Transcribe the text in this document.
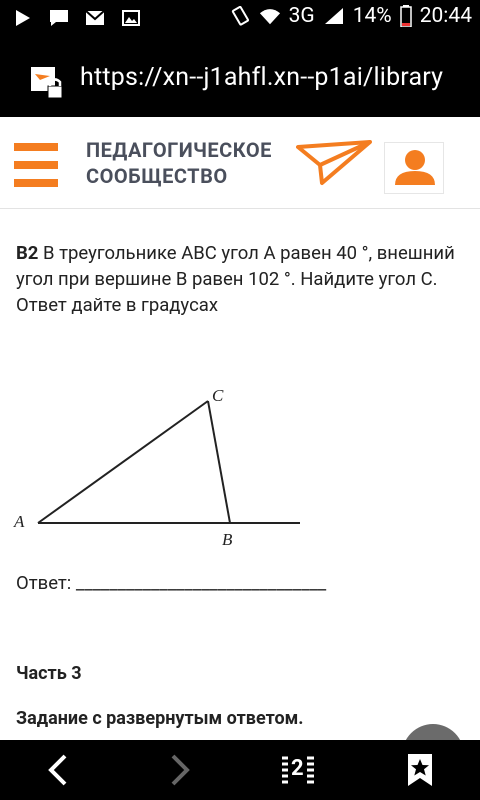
3G 14% 20:44
https://xn--j1ahfl.xn--p1ai/library
ПЕДАГОГИЧЕСКОЕ
СООБЩЕСТВО

В2 В треугольнике ABC угол A равен 40 °, внешний угол при вершине B равен 102 °. Найдите угол C. Ответ дайте в градусах

A
B
C
Ответ: ______________________________
Часть 3
Задание с развернутым ответом.
2
